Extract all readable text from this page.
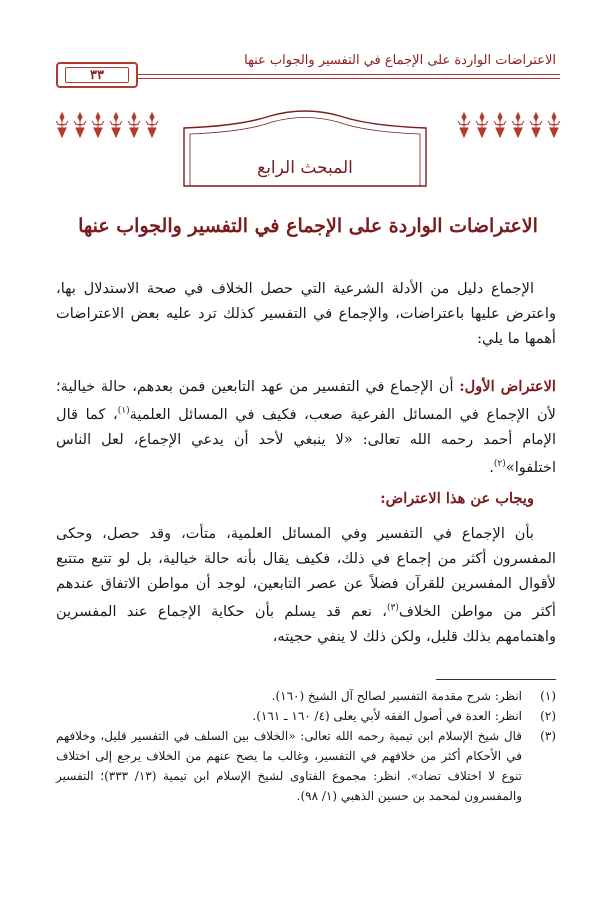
الاعتراضات الواردة على الإجماع في التفسير والجواب عنها
٣٣
المبحث الرابع
الاعتراضات الواردة على الإجماع في التفسير والجواب عنها
الإجماع دليل من الأدلة الشرعية التي حصل الخلاف في صحة الاستدلال بها، واعترض عليها باعتراضات، والإجماع في التفسير كذلك ترد عليه بعض الاعتراضات أهمها ما يلي:
الاعتراض الأول: أن الإجماع في التفسير من عهد التابعين فمن بعدهم، حالة خيالية؛ لأن الإجماع في المسائل الفرعية صعب، فكيف في المسائل العلمية$^{(١)}$، كما قال الإمام أحمد رحمه الله تعالى: «لا ينبغي لأحد أن يدعي الإجماع، لعل الناس اختلفوا»$^{(٢)}$.
ويجاب عن هذا الاعتراض:
بأن الإجماع في التفسير وفي المسائل العلمية، متأت، وقد حصل، وحكى المفسرون أكثر من إجماع في ذلك، فكيف يقال بأنه حالة خيالية، بل لو تتبع متتبع لأقوال المفسرين للقرآن فضلاً عن عصر التابعين، لوجد أن مواطن الاتفاق عندهم أكثر من مواطن الخلاف$^{(٣)}$، نعم قد يسلم بأن حكاية الإجماع عند المفسرين واهتمامهم بذلك قليل، ولكن ذلك لا ينفي حجيته،
(١)
انظر: شرح مقدمة التفسير لصالح آل الشيخ (١٦٠).
(٢)
انظر: العدة في أصول الفقه لأبي يعلى (٤/ ١٦٠ ـ ١٦١).
(٣)
قال شيخ الإسلام ابن تيمية رحمه الله تعالى: «الخلاف بين السلف في التفسير قليل، وخلافهم في الأحكام أكثر من خلافهم في التفسير، وغالب ما يصح عنهم من الخلاف يرجع إلى اختلاف تنوع لا اختلاف تضاد». انظر: مجموع الفتاوى لشيخ الإسلام ابن تيمية (١٣/ ٣٣٣)؛ التفسير والمفسرون لمحمد بن حسين الذهبي (١/ ٩٨).
